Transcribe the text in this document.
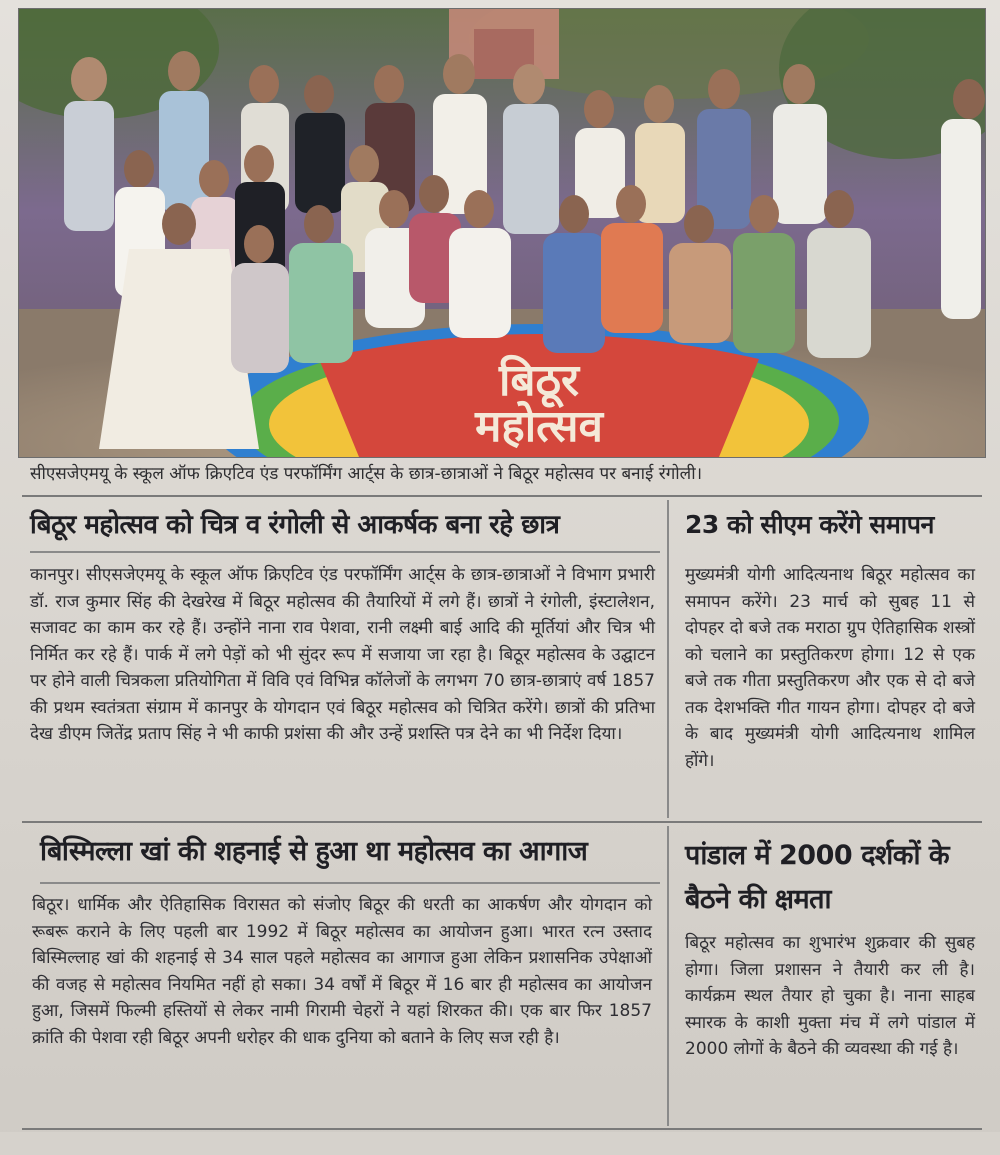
बिठूर
महोत्सव
सीएसजेएमयू के स्कूल ऑफ क्रिएटिव एंड परफॉर्मिंग आर्ट्स के छात्र-छात्राओं ने बिठूर महोत्सव पर बनाई रंगोली।
बिठूर महोत्सव को चित्र व रंगोली से आकर्षक बना रहे छात्र
कानपुर। सीएसजेएमयू के स्कूल ऑफ क्रिएटिव एंड परफॉर्मिंग आर्ट्स के छात्र-छात्राओं ने विभाग प्रभारी डॉ. राज कुमार सिंह की देखरेख में बिठूर महोत्सव की तैयारियों में लगे हैं। छात्रों ने रंगोली, इंस्टालेशन, सजावट का काम कर रहे हैं। उन्होंने नाना राव पेशवा, रानी लक्ष्मी बाई आदि की मूर्तियां और चित्र भी निर्मित कर रहे हैं। पार्क में लगे पेड़ों को भी सुंदर रूप में सजाया जा रहा है। बिठूर महोत्सव के उद्घाटन पर होने वाली चित्रकला प्रतियोगिता में विवि एवं विभिन्न कॉलेजों के लगभग 70 छात्र-छात्राएं वर्ष 1857 की प्रथम स्वतंत्रता संग्राम में कानपुर के योगदान एवं बिठूर महोत्सव को चित्रित करेंगे। छात्रों की प्रतिभा देख डीएम जितेंद्र प्रताप सिंह ने भी काफी प्रशंसा की और उन्हें प्रशस्ति पत्र देने का भी निर्देश दिया।
23 को सीएम करेंगे समापन
मुख्यमंत्री योगी आदित्यनाथ बिठूर महोत्सव का समापन करेंगे। 23 मार्च को सुबह 11 से दोपहर दो बजे तक मराठा ग्रुप ऐतिहासिक शस्त्रों को चलाने का प्रस्तुतिकरण होगा। 12 से एक बजे तक गीता प्रस्तुतिकरण और एक से दो बजे तक देशभक्ति गीत गायन होगा। दोपहर दो बजे के बाद मुख्यमंत्री योगी आदित्यनाथ शामिल होंगे।
बिस्मिल्ला खां की शहनाई से हुआ था महोत्सव का आगाज
बिठूर। धार्मिक और ऐतिहासिक विरासत को संजोए बिठूर की धरती का आकर्षण और योगदान को रूबरू कराने के लिए पहली बार 1992 में बिठूर महोत्सव का आयोजन हुआ। भारत रत्न उस्ताद बिस्मिल्लाह खां की शहनाई से 34 साल पहले महोत्सव का आगाज हुआ लेकिन प्रशासनिक उपेक्षाओं की वजह से महोत्सव नियमित नहीं हो सका। 34 वर्षों में बिठूर में 16 बार ही महोत्सव का आयोजन हुआ, जिसमें फिल्मी हस्तियों से लेकर नामी गिरामी चेहरों ने यहां शिरकत की। एक बार फिर 1857 क्रांति की पेशवा रही बिठूर अपनी धरोहर की धाक दुनिया को बताने के लिए सज रही है।
पांडाल में 2000 दर्शकों के बैठने की क्षमता
बिठूर महोत्सव का शुभारंभ शुक्रवार की सुबह होगा। जिला प्रशासन ने तैयारी कर ली है। कार्यक्रम स्थल तैयार हो चुका है। नाना साहब स्मारक के काशी मुक्ता मंच में लगे पांडाल में 2000 लोगों के बैठने की व्यवस्था की गई है।
